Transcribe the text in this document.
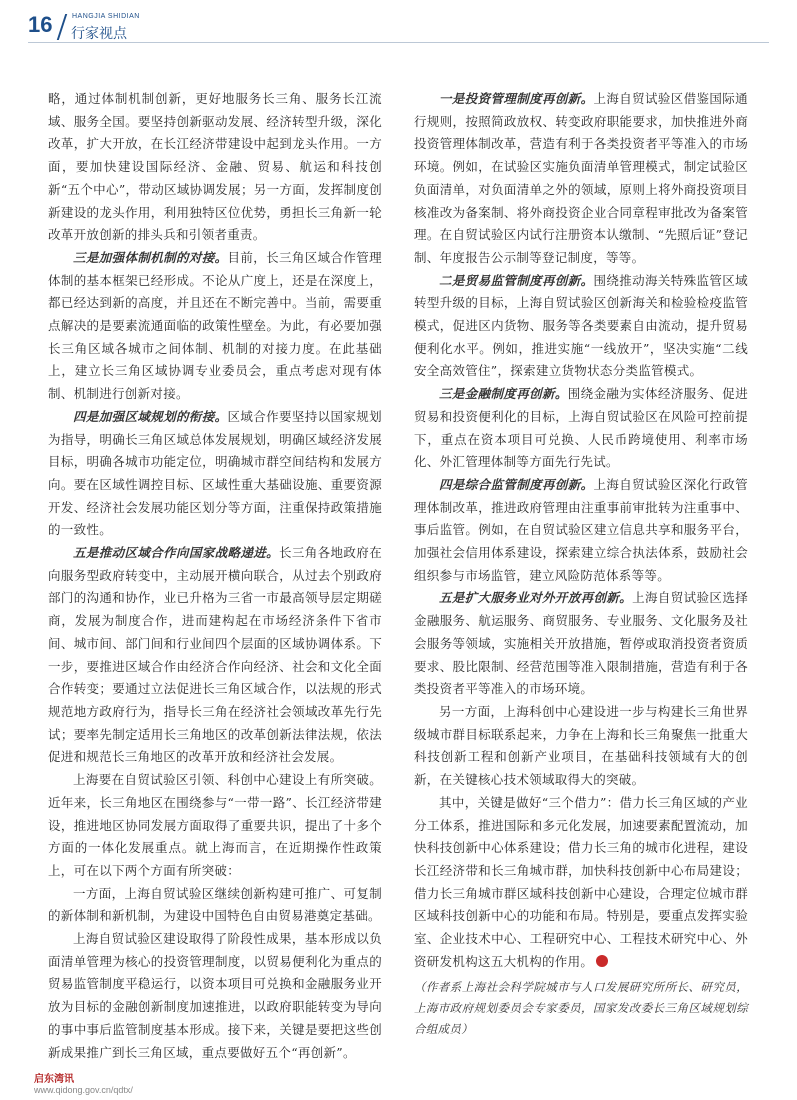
16	HANGJIA SHIDIAN
行家视点

略，通过体制机制创新，更好地服务长三角、服务长江流域、服务全国。要坚持创新驱动发展、经济转型升级，深化改革，扩大开放，在长江经济带建设中起到龙头作用。一方面，要加快建设国际经济、金融、贸易、航运和科技创新“五个中心”，带动区域协调发展；另一方面，发挥制度创新建设的龙头作用，利用独特区位优势，勇担长三角新一轮改革开放创新的排头兵和引领者重责。

三是加强体制机制的对接。目前，长三角区域合作管理体制的基本框架已经形成。不论从广度上，还是在深度上，都已经达到新的高度，并且还在不断完善中。当前，需要重点解决的是要素流通面临的政策性壁垒。为此，有必要加强长三角区域各城市之间体制、机制的对接力度。在此基础上，建立长三角区域协调专业委员会，重点考虑对现有体制、机制进行创新对接。

四是加强区域规划的衔接。区域合作要坚持以国家规划为指导，明确长三角区域总体发展规划，明确区域经济发展目标，明确各城市功能定位，明确城市群空间结构和发展方向。要在区域性调控目标、区域性重大基础设施、重要资源开发、经济社会发展功能区划分等方面，注重保持政策措施的一致性。

五是推动区域合作向国家战略递进。长三角各地政府在向服务型政府转变中，主动展开横向联合，从过去个别政府部门的沟通和协作，业已升格为三省一市最高领导层定期磋商，发展为制度合作，进而建构起在市场经济条件下省市间、城市间、部门间和行业间四个层面的区域协调体系。下一步，要推进区域合作由经济合作向经济、社会和文化全面合作转变；要通过立法促进长三角区域合作，以法规的形式规范地方政府行为，指导长三角在经济社会领域改革先行先试；要率先制定适用长三角地区的改革创新法律法规，依法促进和规范长三角地区的改革开放和经济社会发展。

上海要在自贸试验区引领、科创中心建设上有所突破。近年来，长三角地区在围绕参与“一带一路”、长江经济带建设，推进地区协同发展方面取得了重要共识，提出了十多个方面的一体化发展重点。就上海而言，在近期操作性政策上，可在以下两个方面有所突破：

一方面，上海自贸试验区继续创新构建可推广、可复制的新体制和新机制，为建设中国特色自由贸易港奠定基础。

上海自贸试验区建设取得了阶段性成果，基本形成以负面清单管理为核心的投资管理制度，以贸易便利化为重点的贸易监管制度平稳运行，以资本项目可兑换和金融服务业开放为目标的金融创新制度加速推进，以政府职能转变为导向的事中事后监管制度基本形成。接下来，关键是要把这些创新成果推广到长三角区域，重点要做好五个“再创新”。

一是投资管理制度再创新。上海自贸试验区借鉴国际通行规则，按照简政放权、转变政府职能要求，加快推进外商投资管理体制改革，营造有利于各类投资者平等准入的市场环境。例如，在试验区实施负面清单管理模式，制定试验区负面清单，对负面清单之外的领域，原则上将外商投资项目核准改为备案制、将外商投资企业合同章程审批改为备案管理。在自贸试验区内试行注册资本认缴制、“先照后证”登记制、年度报告公示制等登记制度，等等。

二是贸易监管制度再创新。围绕推动海关特殊监管区域转型升级的目标，上海自贸试验区创新海关和检验检疫监管模式，促进区内货物、服务等各类要素自由流动，提升贸易便利化水平。例如，推进实施“一线放开”，坚决实施“二线安全高效管住”，探索建立货物状态分类监管模式。

三是金融制度再创新。围绕金融为实体经济服务、促进贸易和投资便利化的目标，上海自贸试验区在风险可控前提下，重点在资本项目可兑换、人民币跨境使用、利率市场化、外汇管理体制等方面先行先试。

四是综合监管制度再创新。上海自贸试验区深化行政管理体制改革，推进政府管理由注重事前审批转为注重事中、事后监管。例如，在自贸试验区建立信息共享和服务平台，加强社会信用体系建设，探索建立综合执法体系，鼓励社会组织参与市场监管，建立风险防范体系等等。

五是扩大服务业对外开放再创新。上海自贸试验区选择金融服务、航运服务、商贸服务、专业服务、文化服务及社会服务等领域，实施相关开放措施，暂停或取消投资者资质要求、股比限制、经营范围等准入限制措施，营造有利于各类投资者平等准入的市场环境。

另一方面，上海科创中心建设进一步与构建长三角世界级城市群目标联系起来，力争在上海和长三角聚焦一批重大科技创新工程和创新产业项目，在基础科技领域有大的创新，在关键核心技术领域取得大的突破。

其中，关键是做好“三个借力”：借力长三角区域的产业分工体系，推进国际和多元化发展，加速要素配置流动，加快科技创新中心体系建设；借力长三角的城市化进程，建设长江经济带和长三角城市群，加快科技创新中心布局建设；借力长三角城市群区域科技创新中心建设，合理定位城市群区域科技创新中心的功能和布局。特别是，要重点发挥实验室、企业技术中心、工程研究中心、工程技术研究中心、外资研发机构这五大机构的作用。

（作者系上海社会科学院城市与人口发展研究所所长、研究员，上海市政府规划委员会专家委员，国家发改委长三角区域规划综合组成员）

启东湾讯
www.qidong.gov.cn/qdtx/
